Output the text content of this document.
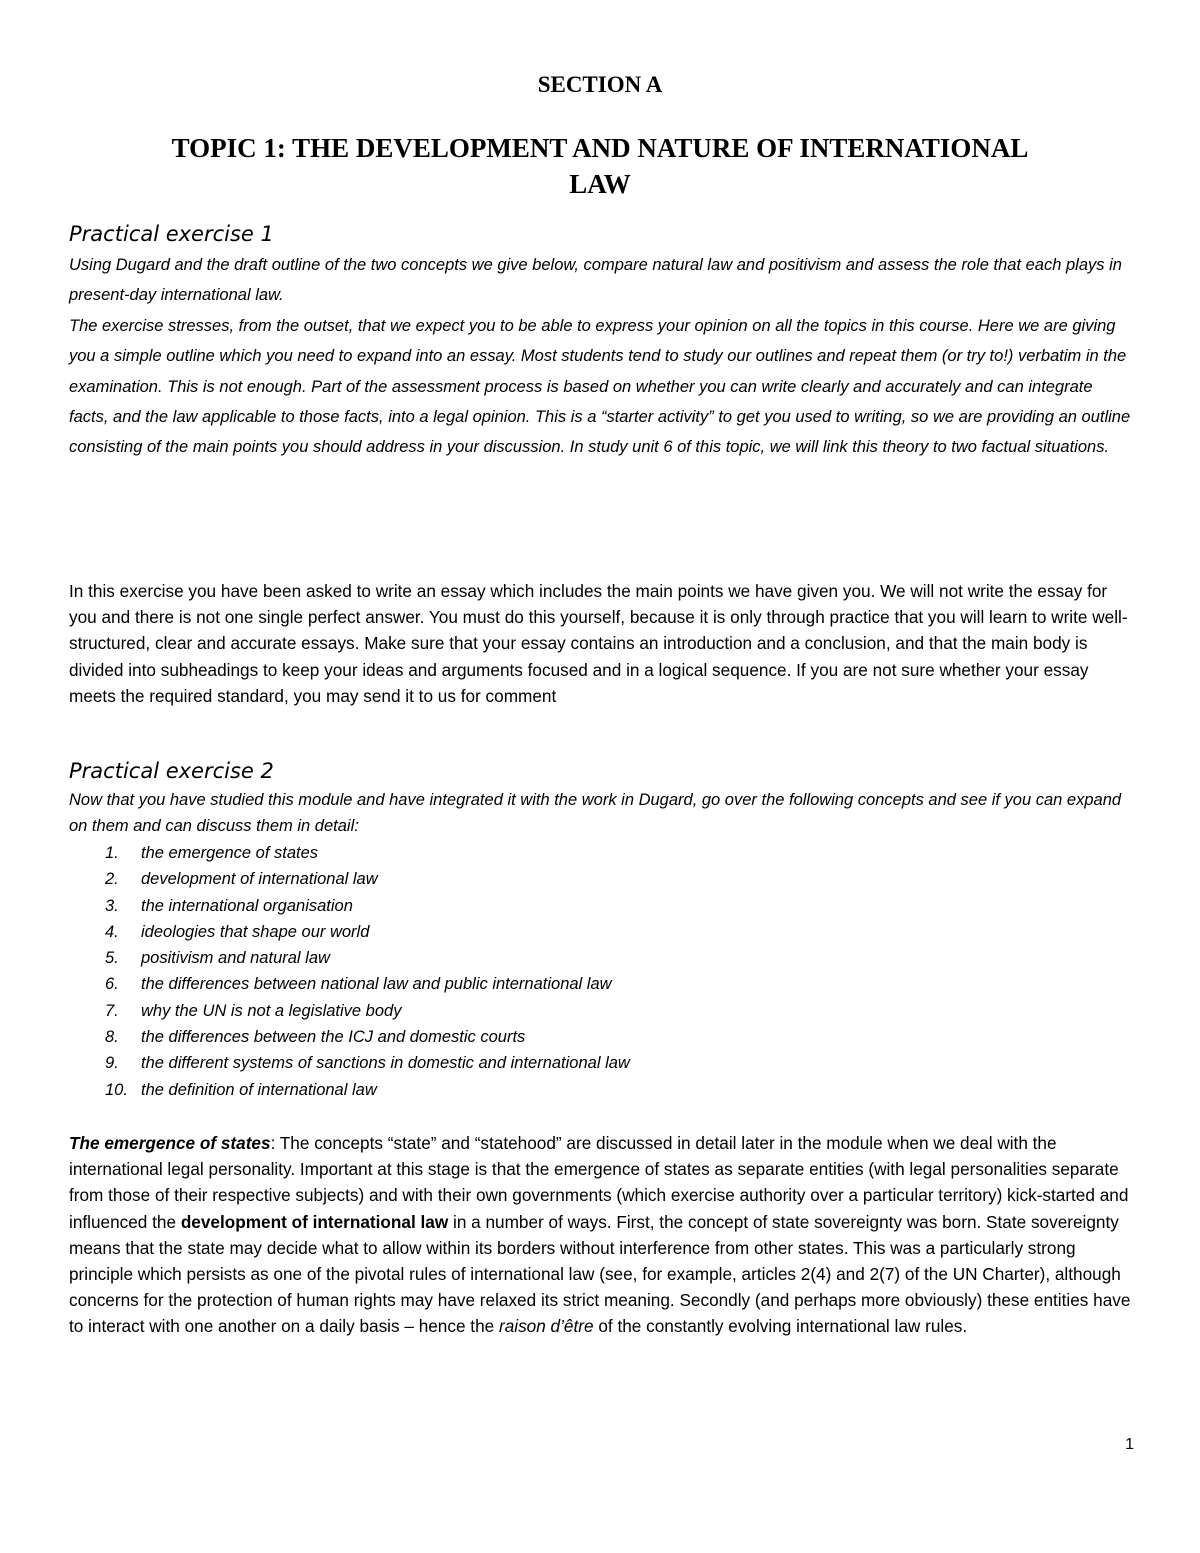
SECTION A
TOPIC 1: THE DEVELOPMENT AND NATURE OF INTERNATIONAL
LAW
Practical exercise 1

Using Dugard and the draft outline of the two concepts we give below, compare natural law and positivism and assess the role that each plays in present-day international law.

The exercise stresses, from the outset, that we expect you to be able to express your opinion on all the topics in this course. Here we are giving you a simple outline which you need to expand into an essay. Most students tend to study our outlines and repeat them (or try to!) verbatim in the examination. This is not enough. Part of the assessment process is based on whether you can write clearly and accurately and can integrate facts, and the law applicable to those facts, into a legal opinion. This is a “starter activity” to get you used to writing, so we are providing an outline consisting of the main points you should address in your discussion. In study unit 6 of this topic, we will link this theory to two factual situations.

In this exercise you have been asked to write an essay which includes the main points we have given you. We will not write the essay for you and there is not one single perfect answer. You must do this yourself, because it is only through practice that you will learn to write well-structured, clear and accurate essays. Make sure that your essay contains an introduction and a conclusion, and that the main body is divided into subheadings to keep your ideas and arguments focused and in a logical sequence. If you are not sure whether your essay meets the required standard, you may send it to us for comment

Practical exercise 2

Now that you have studied this module and have integrated it with the work in Dugard, go over the following concepts and see if you can expand on them and can discuss them in detail:

1. the emergence of states
2. development of international law
3. the international organisation
4. ideologies that shape our world
5. positivism and natural law
6. the differences between national law and public international law
7. why the UN is not a legislative body
8. the differences between the ICJ and domestic courts
9. the different systems of sanctions in domestic and international law
10. the definition of international law

The emergence of states: The concepts “state” and “statehood” are discussed in detail later in the module when we deal with the international legal personality. Important at this stage is that the emergence of states as separate entities (with legal personalities separate from those of their respective subjects) and with their own governments (which exercise authority over a particular territory) kick-started and influenced the development of international law in a number of ways. First, the concept of state sovereignty was born. State sovereignty means that the state may decide what to allow within its borders without interference from other states. This was a particularly strong principle which persists as one of the pivotal rules of international law (see, for example, articles 2(4) and 2(7) of the UN Charter), although concerns for the protection of human rights may have relaxed its strict meaning. Secondly (and perhaps more obviously) these entities have to interact with one another on a daily basis – hence the raison d’être of the constantly evolving international law rules.

1
